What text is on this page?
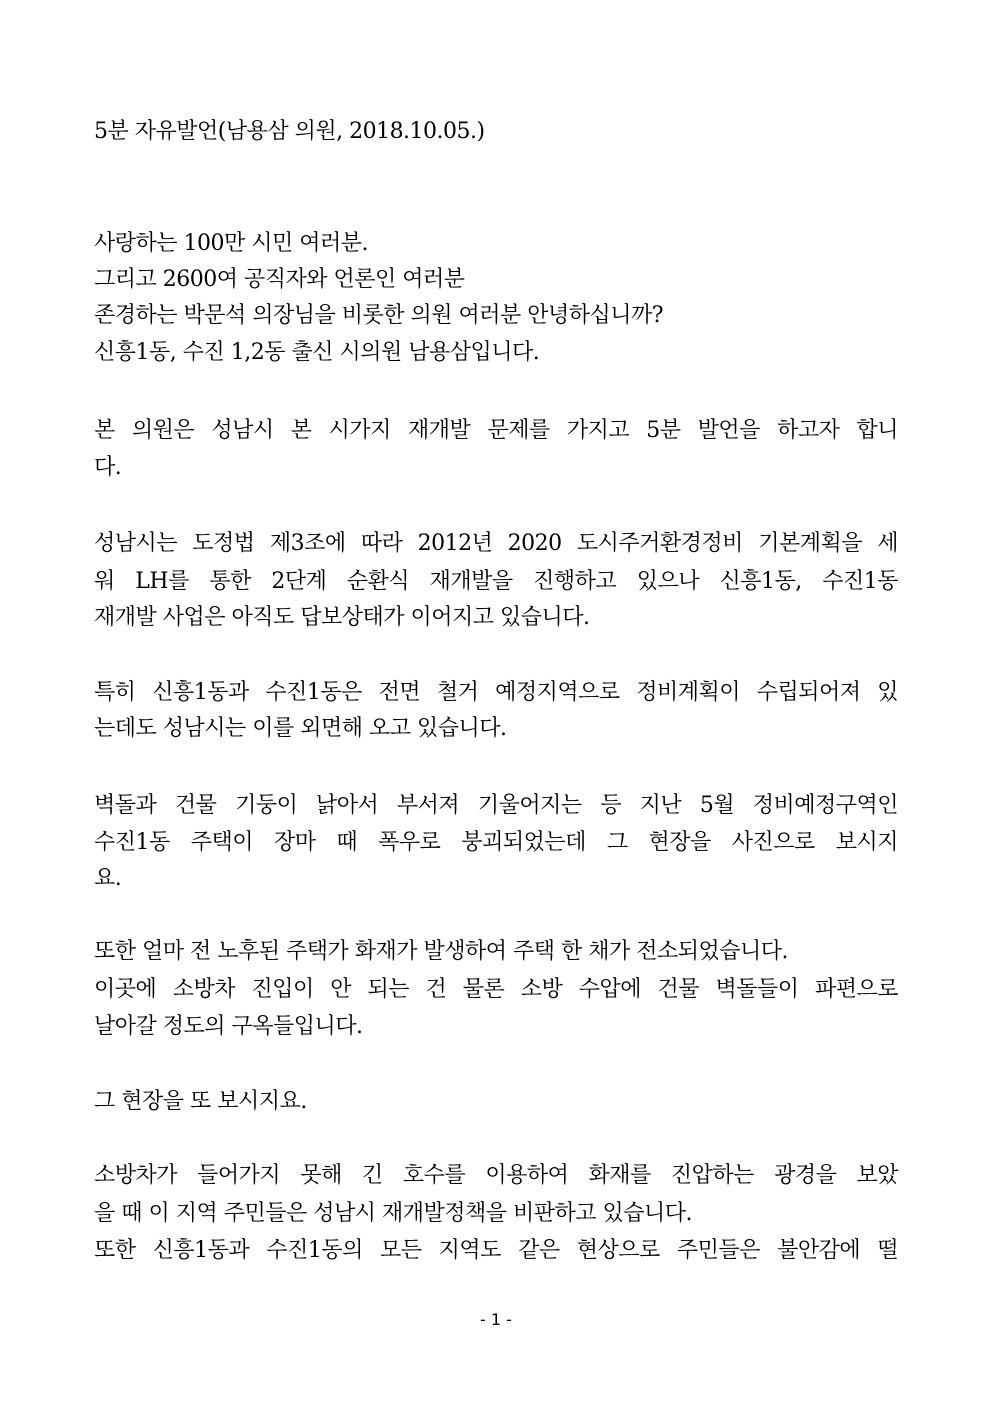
5분 자유발언(남용삼 의원, 2018.10.05.)
사랑하는 100만 시민 여러분.
그리고 2600여 공직자와 언론인 여러분
존경하는 박문석 의장님을 비롯한 의원 여러분 안녕하십니까?
신흥1동, 수진 1,2동 출신 시의원 남용삼입니다.
본 의원은 성남시 본 시가지 재개발 문제를 가지고 5분 발언을 하고자 합니
다.
성남시는 도정법 제3조에 따라 2012년 2020 도시주거환경정비 기본계획을 세
워 LH를 통한 2단계 순환식 재개발을 진행하고 있으나 신흥1동, 수진1동
재개발 사업은 아직도 답보상태가 이어지고 있습니다.
특히 신흥1동과 수진1동은 전면 철거 예정지역으로 정비계획이 수립되어져 있
는데도 성남시는 이를 외면해 오고 있습니다.
벽돌과 건물 기둥이 낡아서 부서져 기울어지는 등 지난 5월 정비예정구역인
수진1동 주택이 장마 때 폭우로 붕괴되었는데 그 현장을 사진으로 보시지
요.
또한 얼마 전 노후된 주택가 화재가 발생하여 주택 한 채가 전소되었습니다.
이곳에 소방차 진입이 안 되는 건 물론 소방 수압에 건물 벽돌들이 파편으로
날아갈 정도의 구옥들입니다.
그 현장을 또 보시지요.
소방차가 들어가지 못해 긴 호수를 이용하여 화재를 진압하는 광경을 보았
을 때 이 지역 주민들은 성남시 재개발정책을 비판하고 있습니다.
또한 신흥1동과 수진1동의 모든 지역도 같은 현상으로 주민들은 불안감에 떨
- 1 -
